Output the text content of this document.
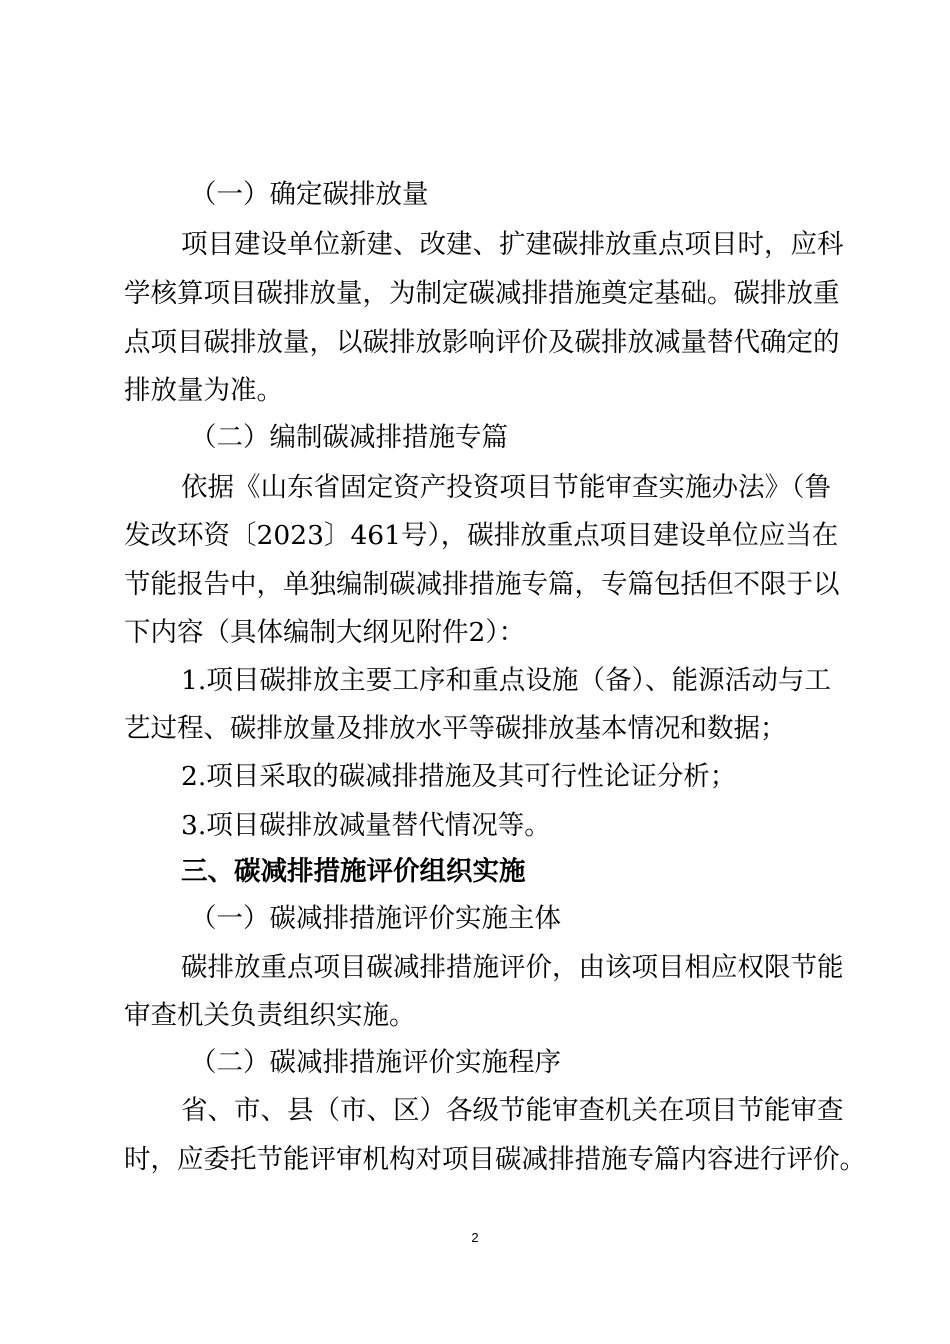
（一）确定碳排放量
项目建设单位新建、改建、扩建碳排放重点项目时，应科
学核算项目碳排放量，为制定碳减排措施奠定基础。碳排放重
点项目碳排放量，以碳排放影响评价及碳排放减量替代确定的
排放量为准。
（二）编制碳减排措施专篇
依据《山东省固定资产投资项目节能审查实施办法》（鲁
发改环资〔2023〕461号），碳排放重点项目建设单位应当在
节能报告中，单独编制碳减排措施专篇，专篇包括但不限于以
下内容（具体编制大纲见附件2）：
1.项目碳排放主要工序和重点设施（备）、能源活动与工
艺过程、碳排放量及排放水平等碳排放基本情况和数据；
2.项目采取的碳减排措施及其可行性论证分析；
3.项目碳排放减量替代情况等。
三、碳减排措施评价组织实施
（一）碳减排措施评价实施主体
碳排放重点项目碳减排措施评价，由该项目相应权限节能
审查机关负责组织实施。
（二）碳减排措施评价实施程序
省、市、县（市、区）各级节能审查机关在项目节能审查
时，应委托节能评审机构对项目碳减排措施专篇内容进行评价。
2
